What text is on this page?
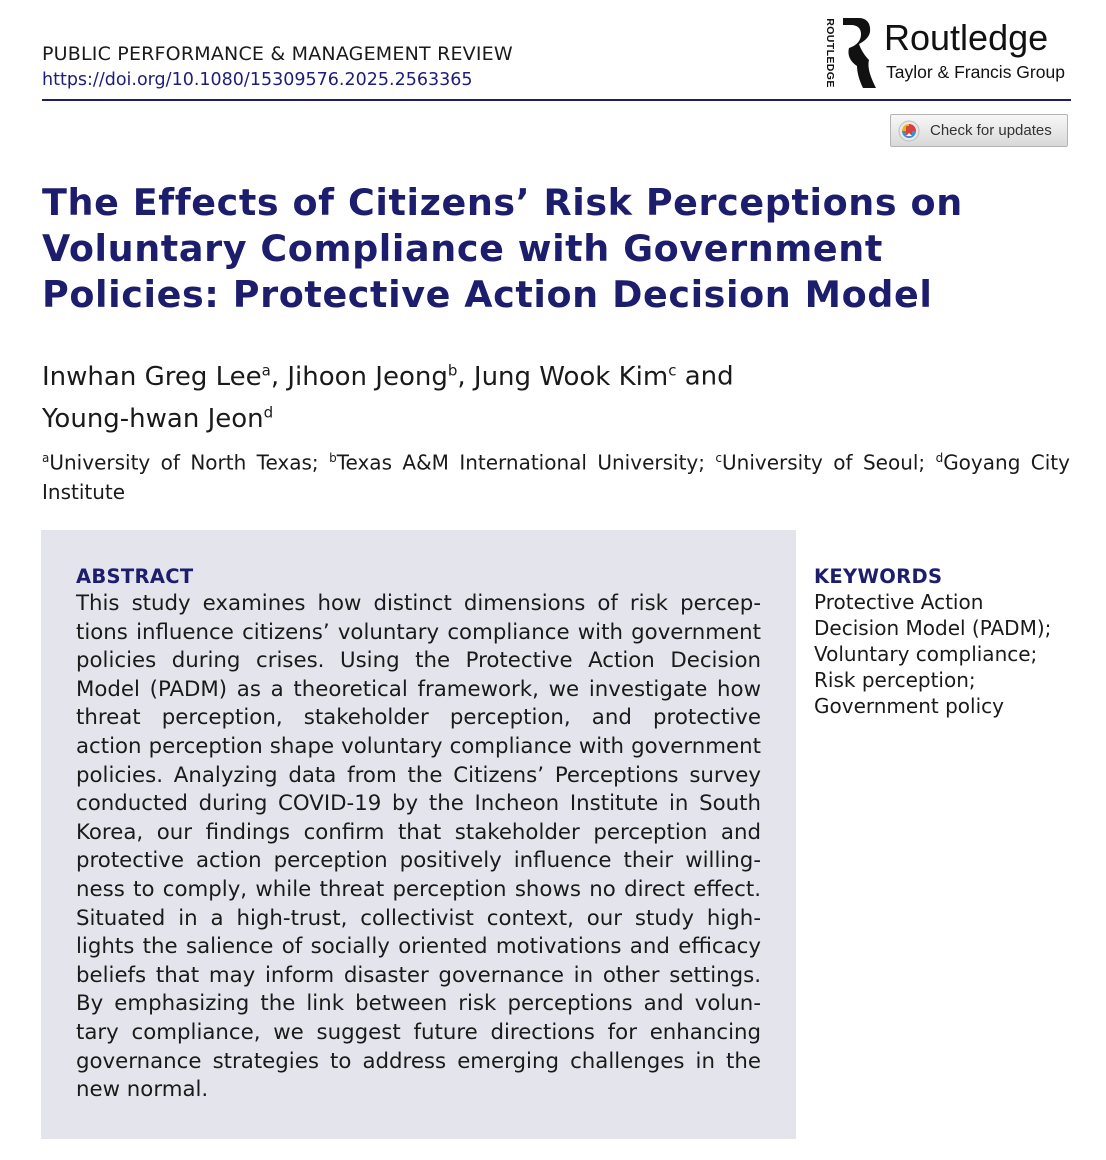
PUBLIC PERFORMANCE & MANAGEMENT REVIEW
https://doi.org/10.1080/15309576.2025.2563365	ROUTLEDGE Routledge
Taylor & Francis Group
Check for updates
The Effects of Citizens’ Risk Perceptions on Voluntary Compliance with Government Policies: Protective Action Decision Model
Inwhan Greg Lee$^a$, Jihoon Jeong$^b$, Jung Wook Kim$^c$ and
Young-hwan Jeon$^d$
$^a$University of North Texas; $^b$Texas A&M International University; $^c$University of Seoul; $^d$Goyang City Institute
ABSTRACT

This study examines how distinct dimensions of risk perceptions influence citizens’ voluntary compliance with government policies during crises. Using the Protective Action Decision Model (PADM) as a theoretical framework, we investigate how threat perception, stakeholder perception, and protective action perception shape voluntary compliance with government policies. Analyzing data from the Citizens’ Perceptions survey conducted during COVID-19 by the Incheon Institute in South Korea, our findings confirm that stakeholder perception and protective action perception positively influence their willingness to comply, while threat perception shows no direct effect. Situated in a high-trust, collectivist context, our study highlights the salience of socially oriented motivations and efficacy beliefs that may inform disaster governance in other settings. By emphasizing the link between risk perceptions and voluntary compliance, we suggest future directions for enhancing governance strategies to address emerging challenges in the new normal.

KEYWORDS
Protective Action
Decision Model (PADM);
Voluntary compliance;
Risk perception;
Government policy
